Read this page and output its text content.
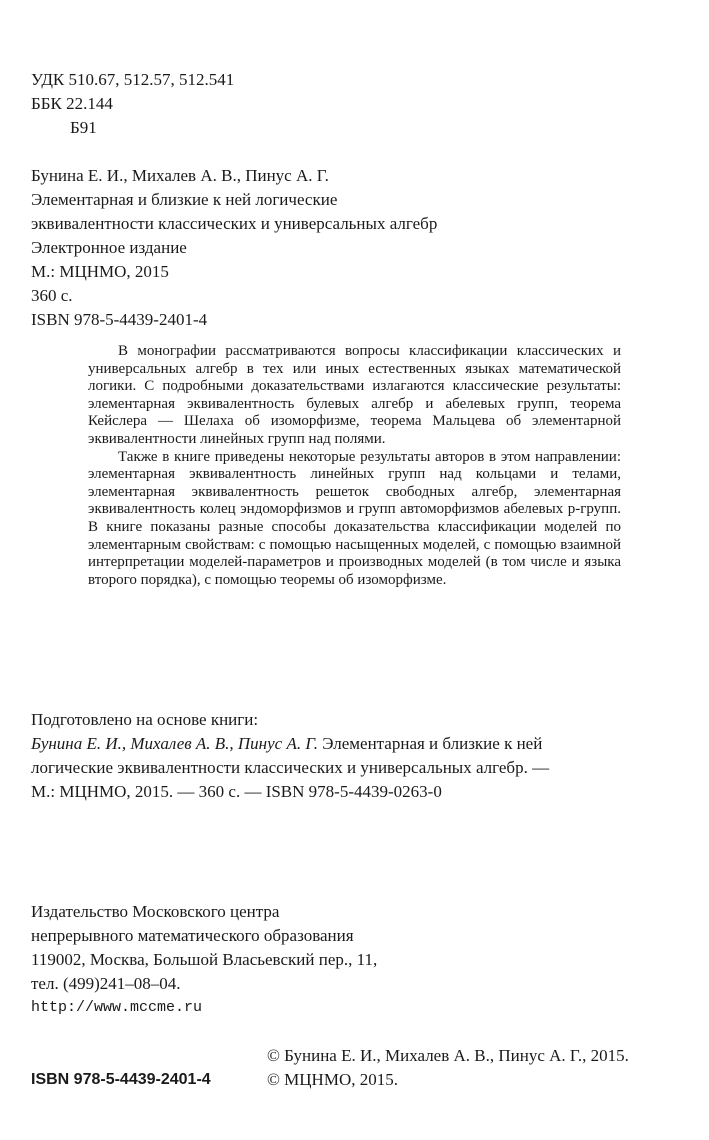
УДК 510.67, 512.57, 512.541
ББК 22.144
Б91
Бунина Е. И., Михалев А. В., Пинус А. Г.
Элементарная и близкие к ней логические
эквивалентности классических и универсальных алгебр
Электронное издание
М.: МЦНМО, 2015
360 с.
ISBN 978-5-4439-2401-4

В монографии рассматриваются вопросы классификации классических и универсальных алгебр в тех или иных естественных языках математической логики. С подробными доказательствами излагаются классические результаты: элементарная эквивалентность булевых алгебр и абелевых групп, теорема Кейслера — Шелаха об изоморфизме, теорема Мальцева об элементарной эквивалентности линейных групп над полями.

Также в книге приведены некоторые результаты авторов в этом направлении: элементарная эквивалентность линейных групп над кольцами и телами, элементарная эквивалентность решеток свободных алгебр, элементарная эквивалентность колец эндоморфизмов и групп автоморфизмов абелевых p-групп. В книге показаны разные способы доказательства классификации моделей по элементарным свойствам: с помощью насыщенных моделей, с помощью взаимной интерпретации моделей-параметров и производных моделей (в том числе и языка второго порядка), с помощью теоремы об изоморфизме.

Подготовлено на основе книги:
Бунина Е. И., Михалев А. В., Пинус А. Г. Элементарная и близкие к ней
логические эквивалентности классических и универсальных алгебр. —
М.: МЦНМО, 2015. — 360 с. — ISBN 978-5-4439-0263-0
Издательство Московского центра
непрерывного математического образования
119002, Москва, Большой Власьевский пер., 11,
тел. (499)241–08–04.
http://www.mccme.ru
© Бунина Е. И., Михалев А. В., Пинус А. Г., 2015.
ISBN 978-5-4439-2401-4	© МЦНМО, 2015.
